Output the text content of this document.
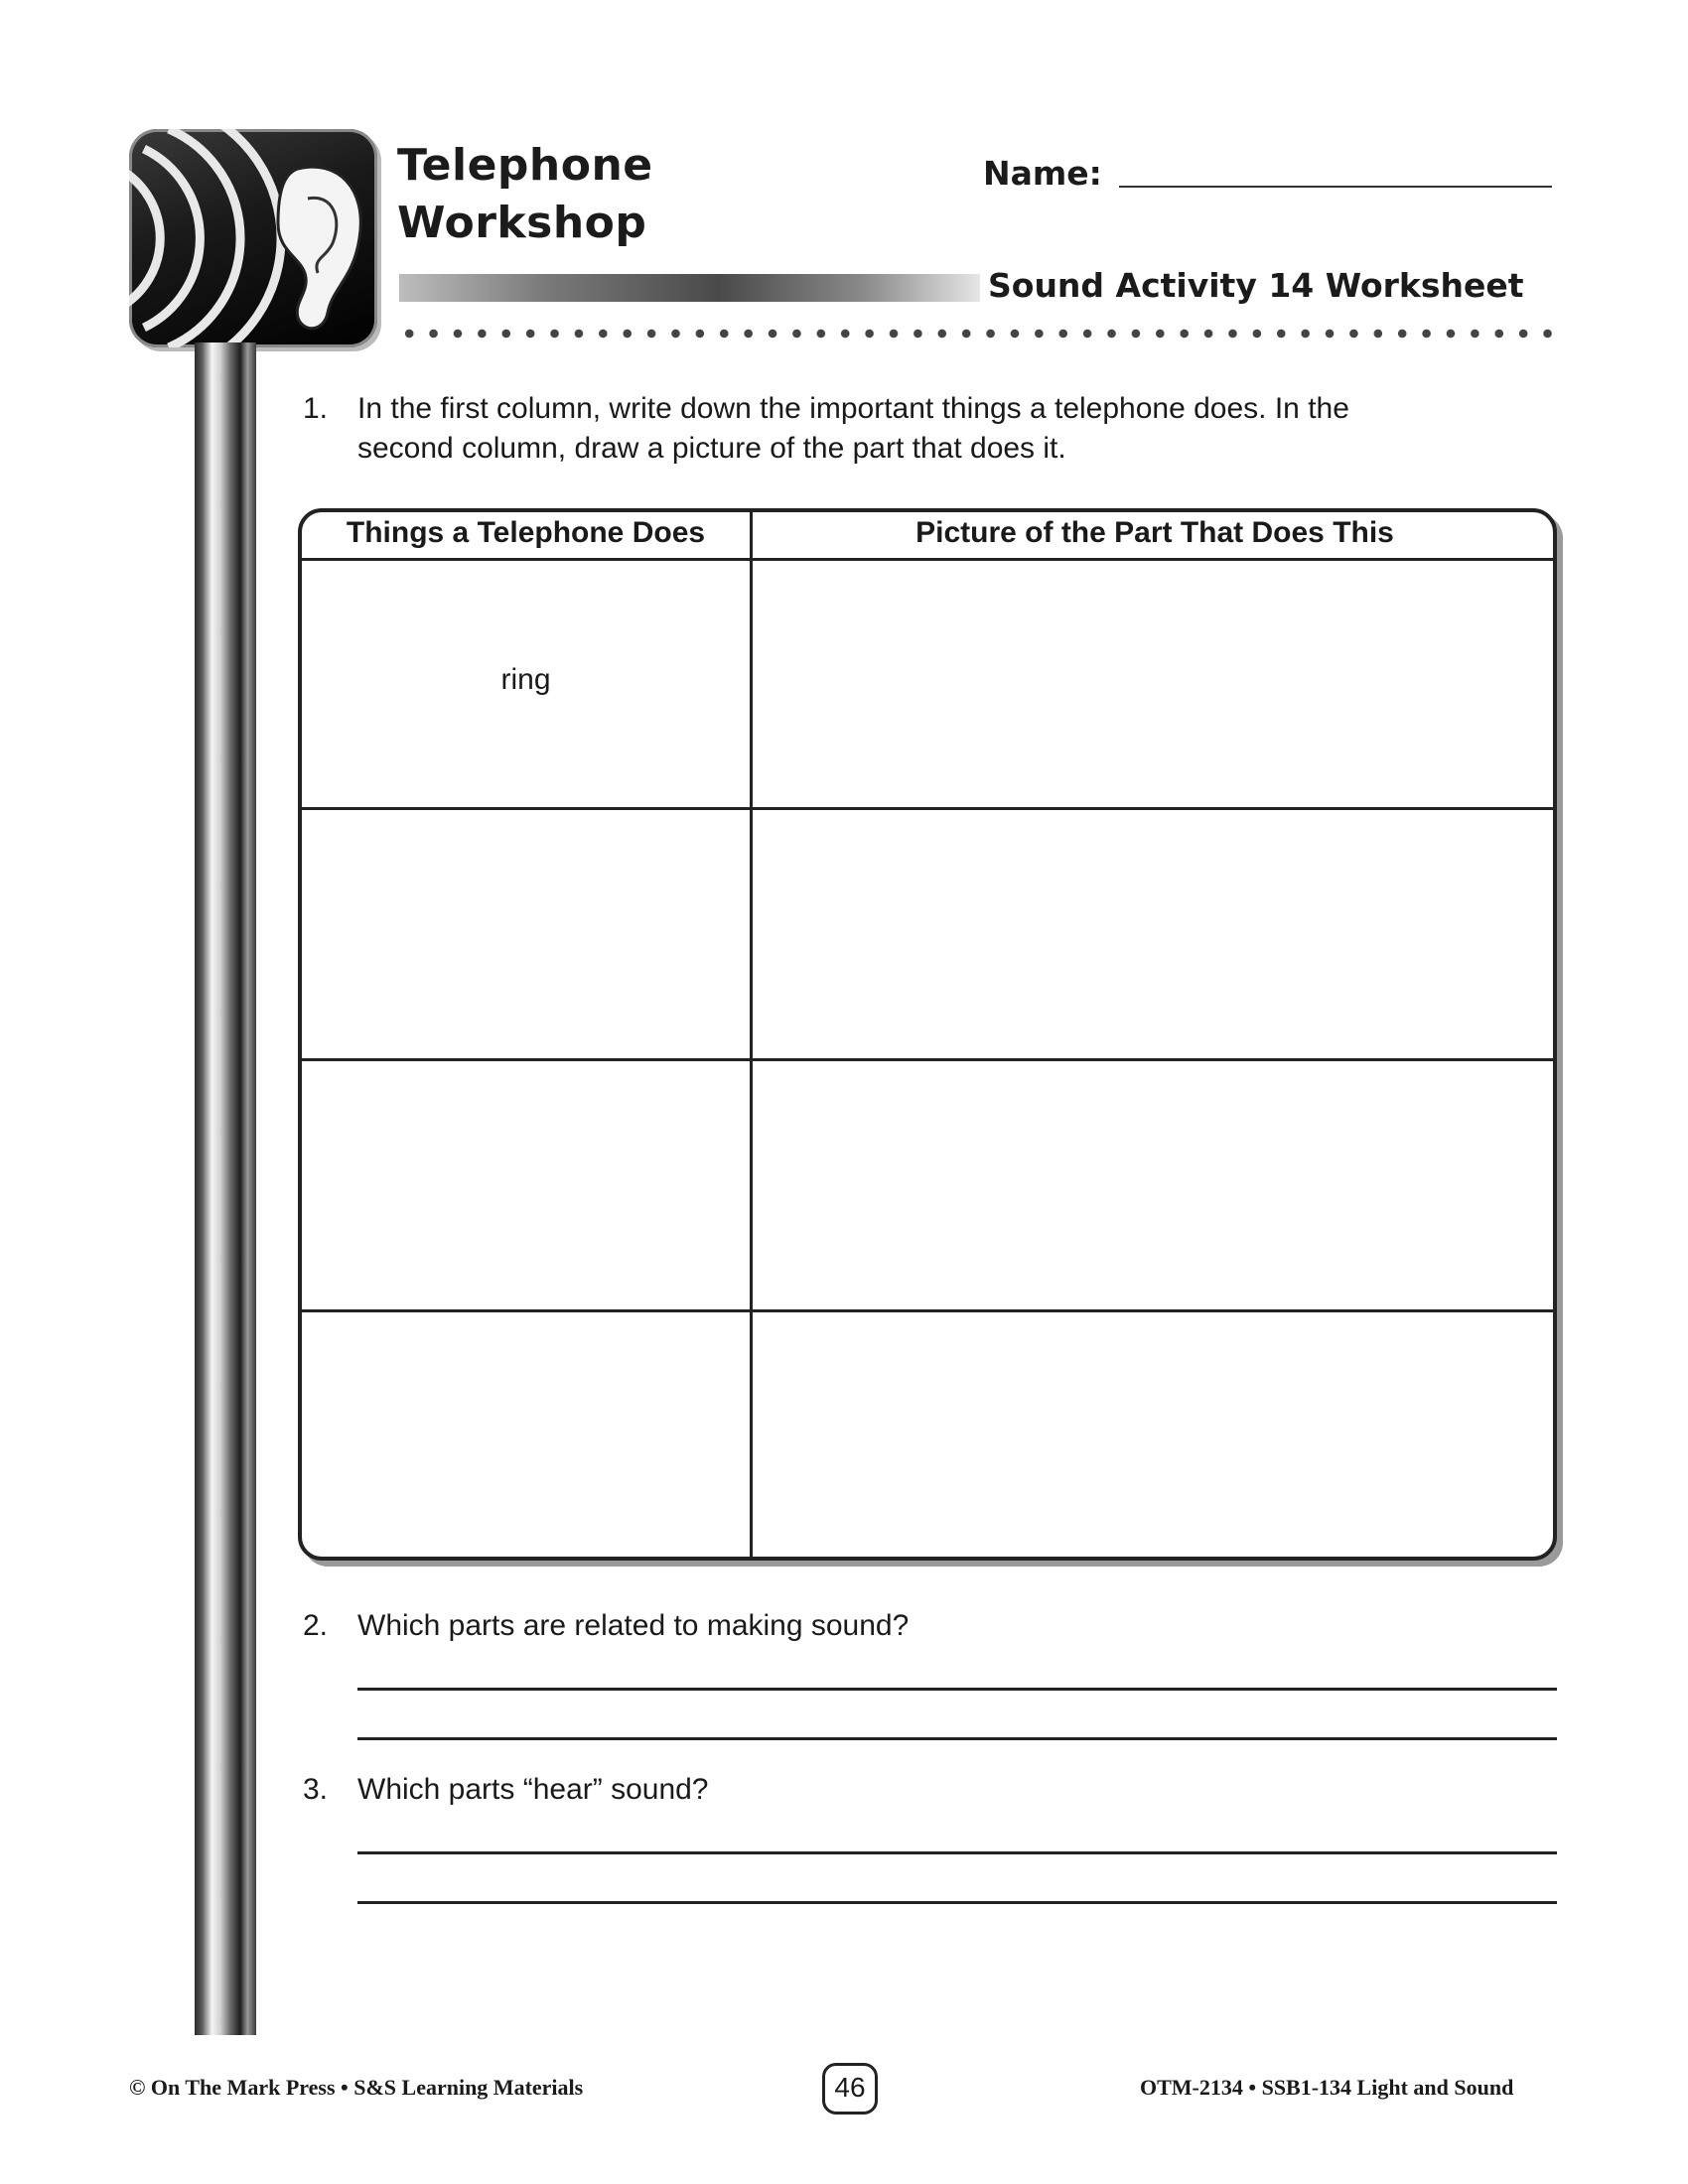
Telephone
Workshop
Name:
Sound Activity 14 Worksheet
1. In the first column, write down the important things a telephone does. In the
second column, draw a picture of the part that does it.
Things a Telephone Does	Picture of the Part That Does This
ring
2. Which parts are related to making sound?
3. Which parts “hear” sound?
© On The Mark Press • S&S Learning Materials	46	OTM-2134 • SSB1-134 Light and Sound
